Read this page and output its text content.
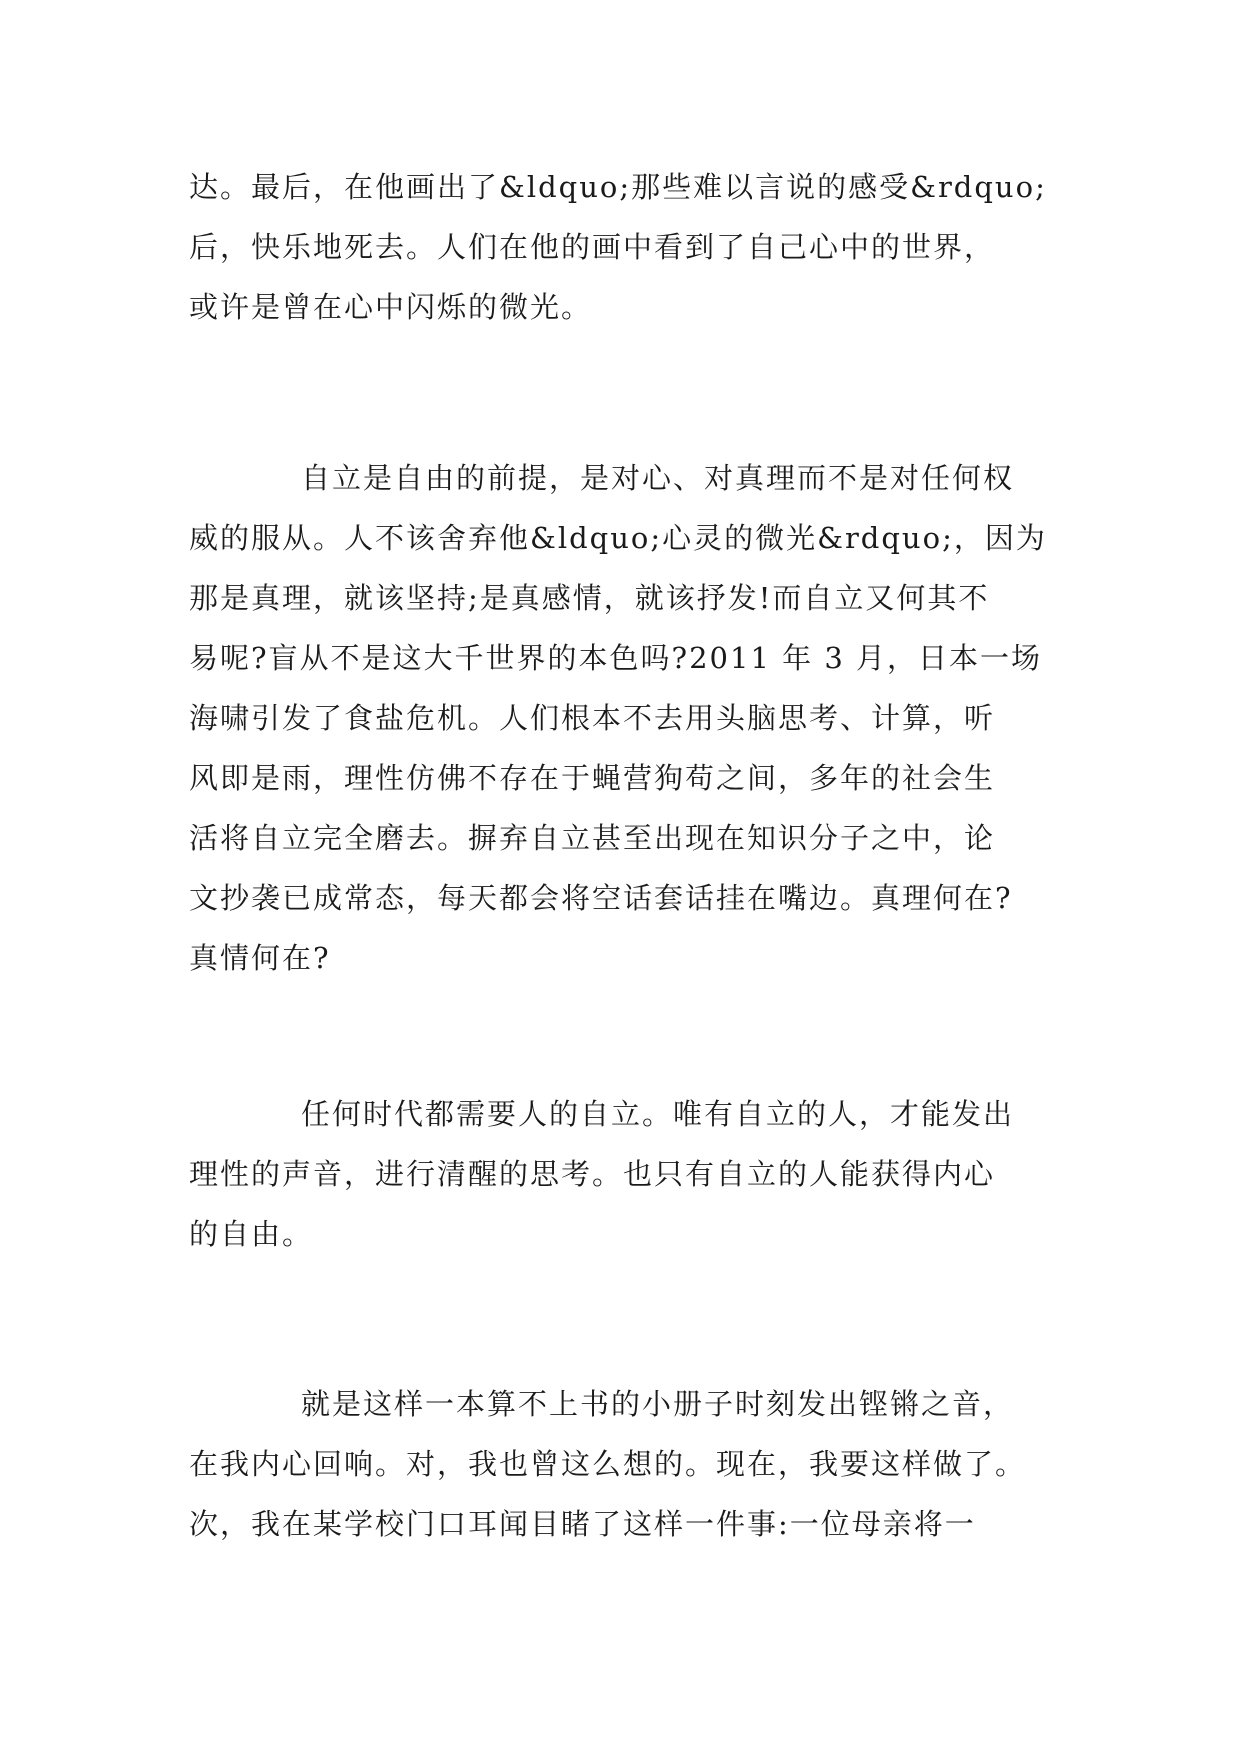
达。最后，在他画出了&ldquo;那些难以言说的感受&rdquo;
后，快乐地死去。人们在他的画中看到了自己心中的世界，
或许是曾在心中闪烁的微光。
自立是自由的前提，是对心、对真理而不是对任何权
威的服从。人不该舍弃他&ldquo;心灵的微光&rdquo;，因为
那是真理，就该坚持;是真感情，就该抒发!而自立又何其不
易呢?盲从不是这大千世界的本色吗?2011 年 3 月，日本一场
海啸引发了食盐危机。人们根本不去用头脑思考、计算，听
风即是雨，理性仿佛不存在于蝇营狗苟之间，多年的社会生
活将自立完全磨去。摒弃自立甚至出现在知识分子之中，论
文抄袭已成常态，每天都会将空话套话挂在嘴边。真理何在?
真情何在?
任何时代都需要人的自立。唯有自立的人，才能发出
理性的声音，进行清醒的思考。也只有自立的人能获得内心
的自由。
就是这样一本算不上书的小册子时刻发出铿锵之音，
在我内心回响。对，我也曾这么想的。现在，我要这样做了。
次，我在某学校门口耳闻目睹了这样一件事:一位母亲将一
